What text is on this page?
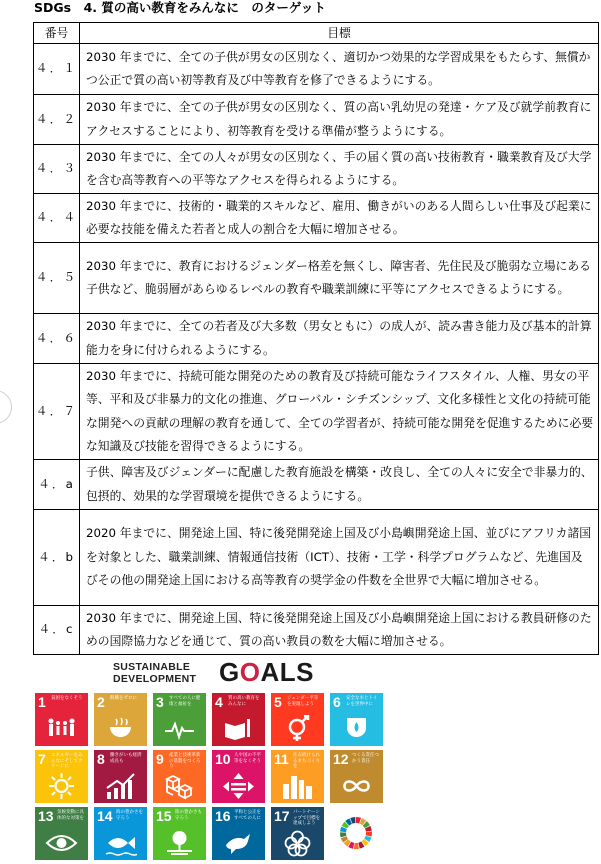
SDGs　4. 質の高い教育をみんなに　のターゲット
番号	目標
４．１	2030 年までに、全ての子供が男女の区別なく、適切かつ効果的な学習成果をもたらす、無償かつ公正で質の高い初等教育及び中等教育を修了できるようにする。
４．２	2030 年までに、全ての子供が男女の区別なく、質の高い乳幼児の発達・ケア及び就学前教育にアクセスすることにより、初等教育を受ける準備が整うようにする。
４．３	2030 年までに、全ての人々が男女の区別なく、手の届く質の高い技術教育・職業教育及び大学を含む高等教育への平等なアクセスを得られるようにする。
４．４	2030 年までに、技術的・職業的スキルなど、雇用、働きがいのある人間らしい仕事及び起業に必要な技能を備えた若者と成人の割合を大幅に増加させる。
４．５	2030 年までに、教育におけるジェンダー格差を無くし、障害者、先住民及び脆弱な立場にある子供など、脆弱層があらゆるレベルの教育や職業訓練に平等にアクセスできるようにする。
４．６	2030 年までに、全ての若者及び大多数（男女ともに）の成人が、読み書き能力及び基本的計算能力を身に付けられるようにする。
４．７	2030 年までに、持続可能な開発のための教育及び持続可能なライフスタイル、人権、男女の平等、平和及び非暴力的文化の推進、グローバル・シチズンシップ、文化多様性と文化の持続可能な開発への貢献の理解の教育を通して、全ての学習者が、持続可能な開発を促進するために必要な知識及び技能を習得できるようにする。
４．a	子供、障害及びジェンダーに配慮した教育施設を構築・改良し、全ての人々に安全で非暴力的、包摂的、効果的な学習環境を提供できるようにする。
４．b	2020 年までに、開発途上国、特に後発開発途上国及び小島嶼開発途上国、並びにアフリカ諸国を対象とした、職業訓練、情報通信技術（ICT）、技術・工学・科学プログラムなど、先進国及びその他の開発途上国における高等教育の奨学金の件数を全世界で大幅に増加させる。
４．c	2030 年までに、開発途上国、特に後発開発途上国及び小島嶼開発途上国における教員研修のための国際協力などを通じて、質の高い教員の数を大幅に増加させる。
SUSTAINABLE
DEVELOPMENT GOALS
1 貧困をなくそう 2 飢餓をゼロに	3 すべての人に健康と福祉を	4 質の高い教育をみんなに	5 ジェンダー平等を実現しよう	6 安全な水とトイレを世界中に
7 エネルギーをみんなにそしてクリーンに	8 働きがいも経済成長も	9 産業と技術革新の基盤をつくろう	10 人や国の不平等をなくそう 11 住み続けられるまちづくりを	12 つくる責任つかう責任
13 気候変動に具体的な対策を 14 海の豊かさを守ろう	15 陸の豊かさも守ろう	16 平和と公正をすべての人に 17 パートナーシップで目標を達成しよう
